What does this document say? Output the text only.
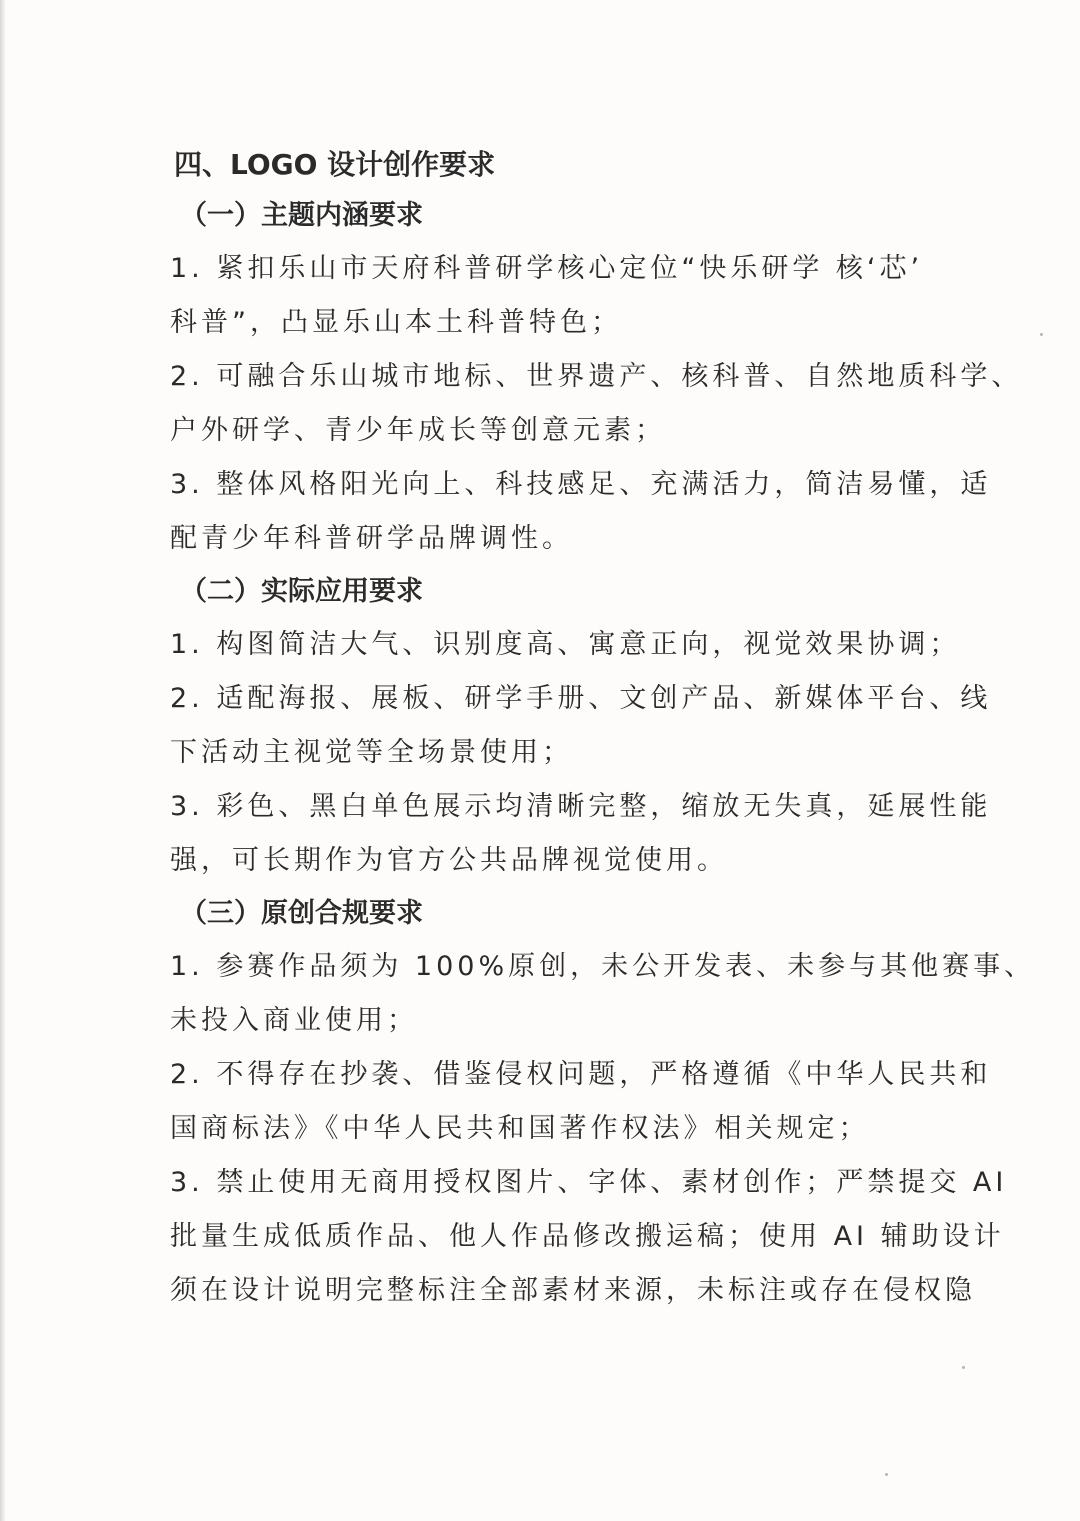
四、LOGO 设计创作要求

（一）主题内涵要求

1. 紧扣乐山市天府科普研学核心定位“快乐研学 核‘芯’

科普”，凸显乐山本土科普特色；

2. 可融合乐山城市地标、世界遗产、核科普、自然地质科学、

户外研学、青少年成长等创意元素；

3. 整体风格阳光向上、科技感足、充满活力，简洁易懂，适

配青少年科普研学品牌调性。

（二）实际应用要求

1. 构图简洁大气、识别度高、寓意正向，视觉效果协调；

2. 适配海报、展板、研学手册、文创产品、新媒体平台、线

下活动主视觉等全场景使用；

3. 彩色、黑白单色展示均清晰完整，缩放无失真，延展性能

强，可长期作为官方公共品牌视觉使用。

（三）原创合规要求

1. 参赛作品须为 100%原创，未公开发表、未参与其他赛事、

未投入商业使用；

2. 不得存在抄袭、借鉴侵权问题，严格遵循《中华人民共和

国商标法》《中华人民共和国著作权法》相关规定；

3. 禁止使用无商用授权图片、字体、素材创作；严禁提交 AI

批量生成低质作品、他人作品修改搬运稿；使用 AI 辅助设计

须在设计说明完整标注全部素材来源，未标注或存在侵权隐
